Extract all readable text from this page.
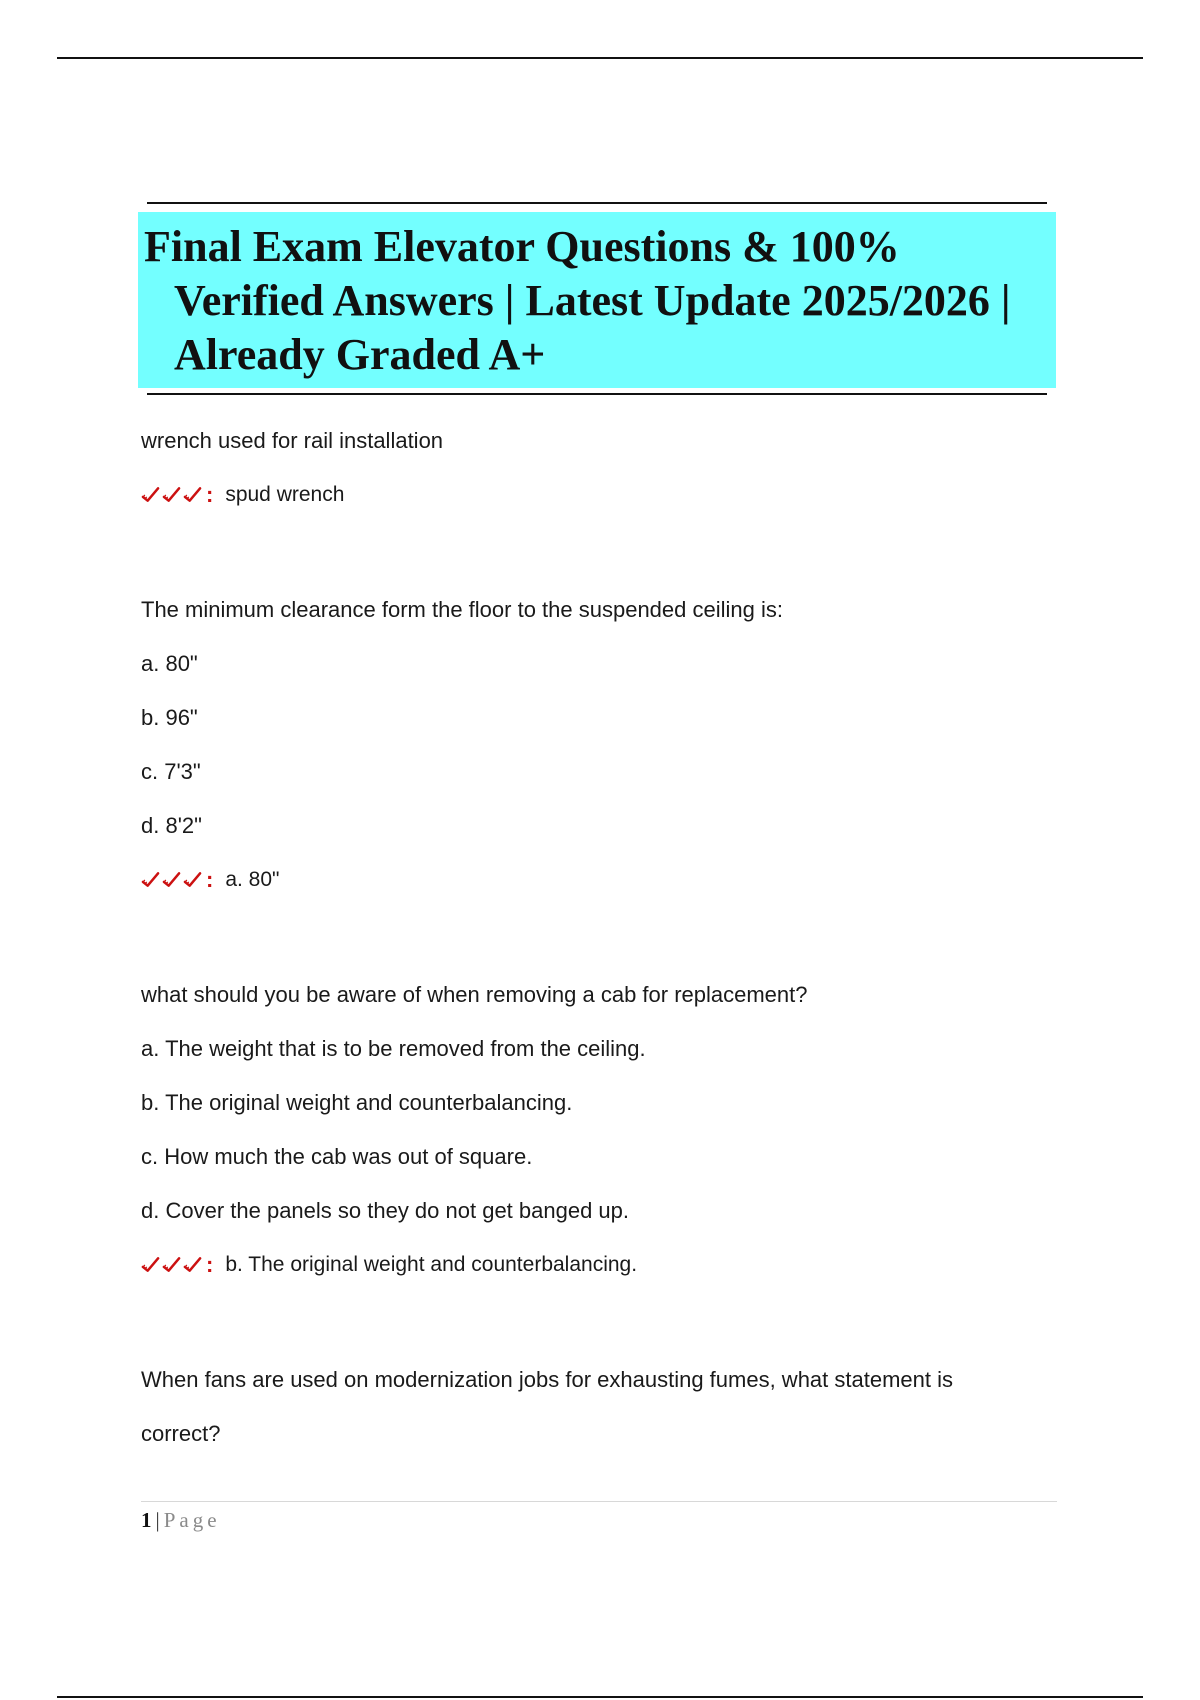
Final Exam Elevator Questions & 100% Verified Answers | Latest Update 2025/2026 | Already Graded A+

wrench used for rail installation

: spud wrench

The minimum clearance form the floor to the suspended ceiling is:

a. 80"

b. 96"

c. 7'3"

d. 8'2"

: a. 80"

what should you be aware of when removing a cab for replacement?

a. The weight that is to be removed from the ceiling.

b. The original weight and counterbalancing.

c. How much the cab was out of square.

d. Cover the panels so they do not get banged up.

: b. The original weight and counterbalancing.

When fans are used on modernization jobs for exhausting fumes, what statement is

correct?

1 | Page
